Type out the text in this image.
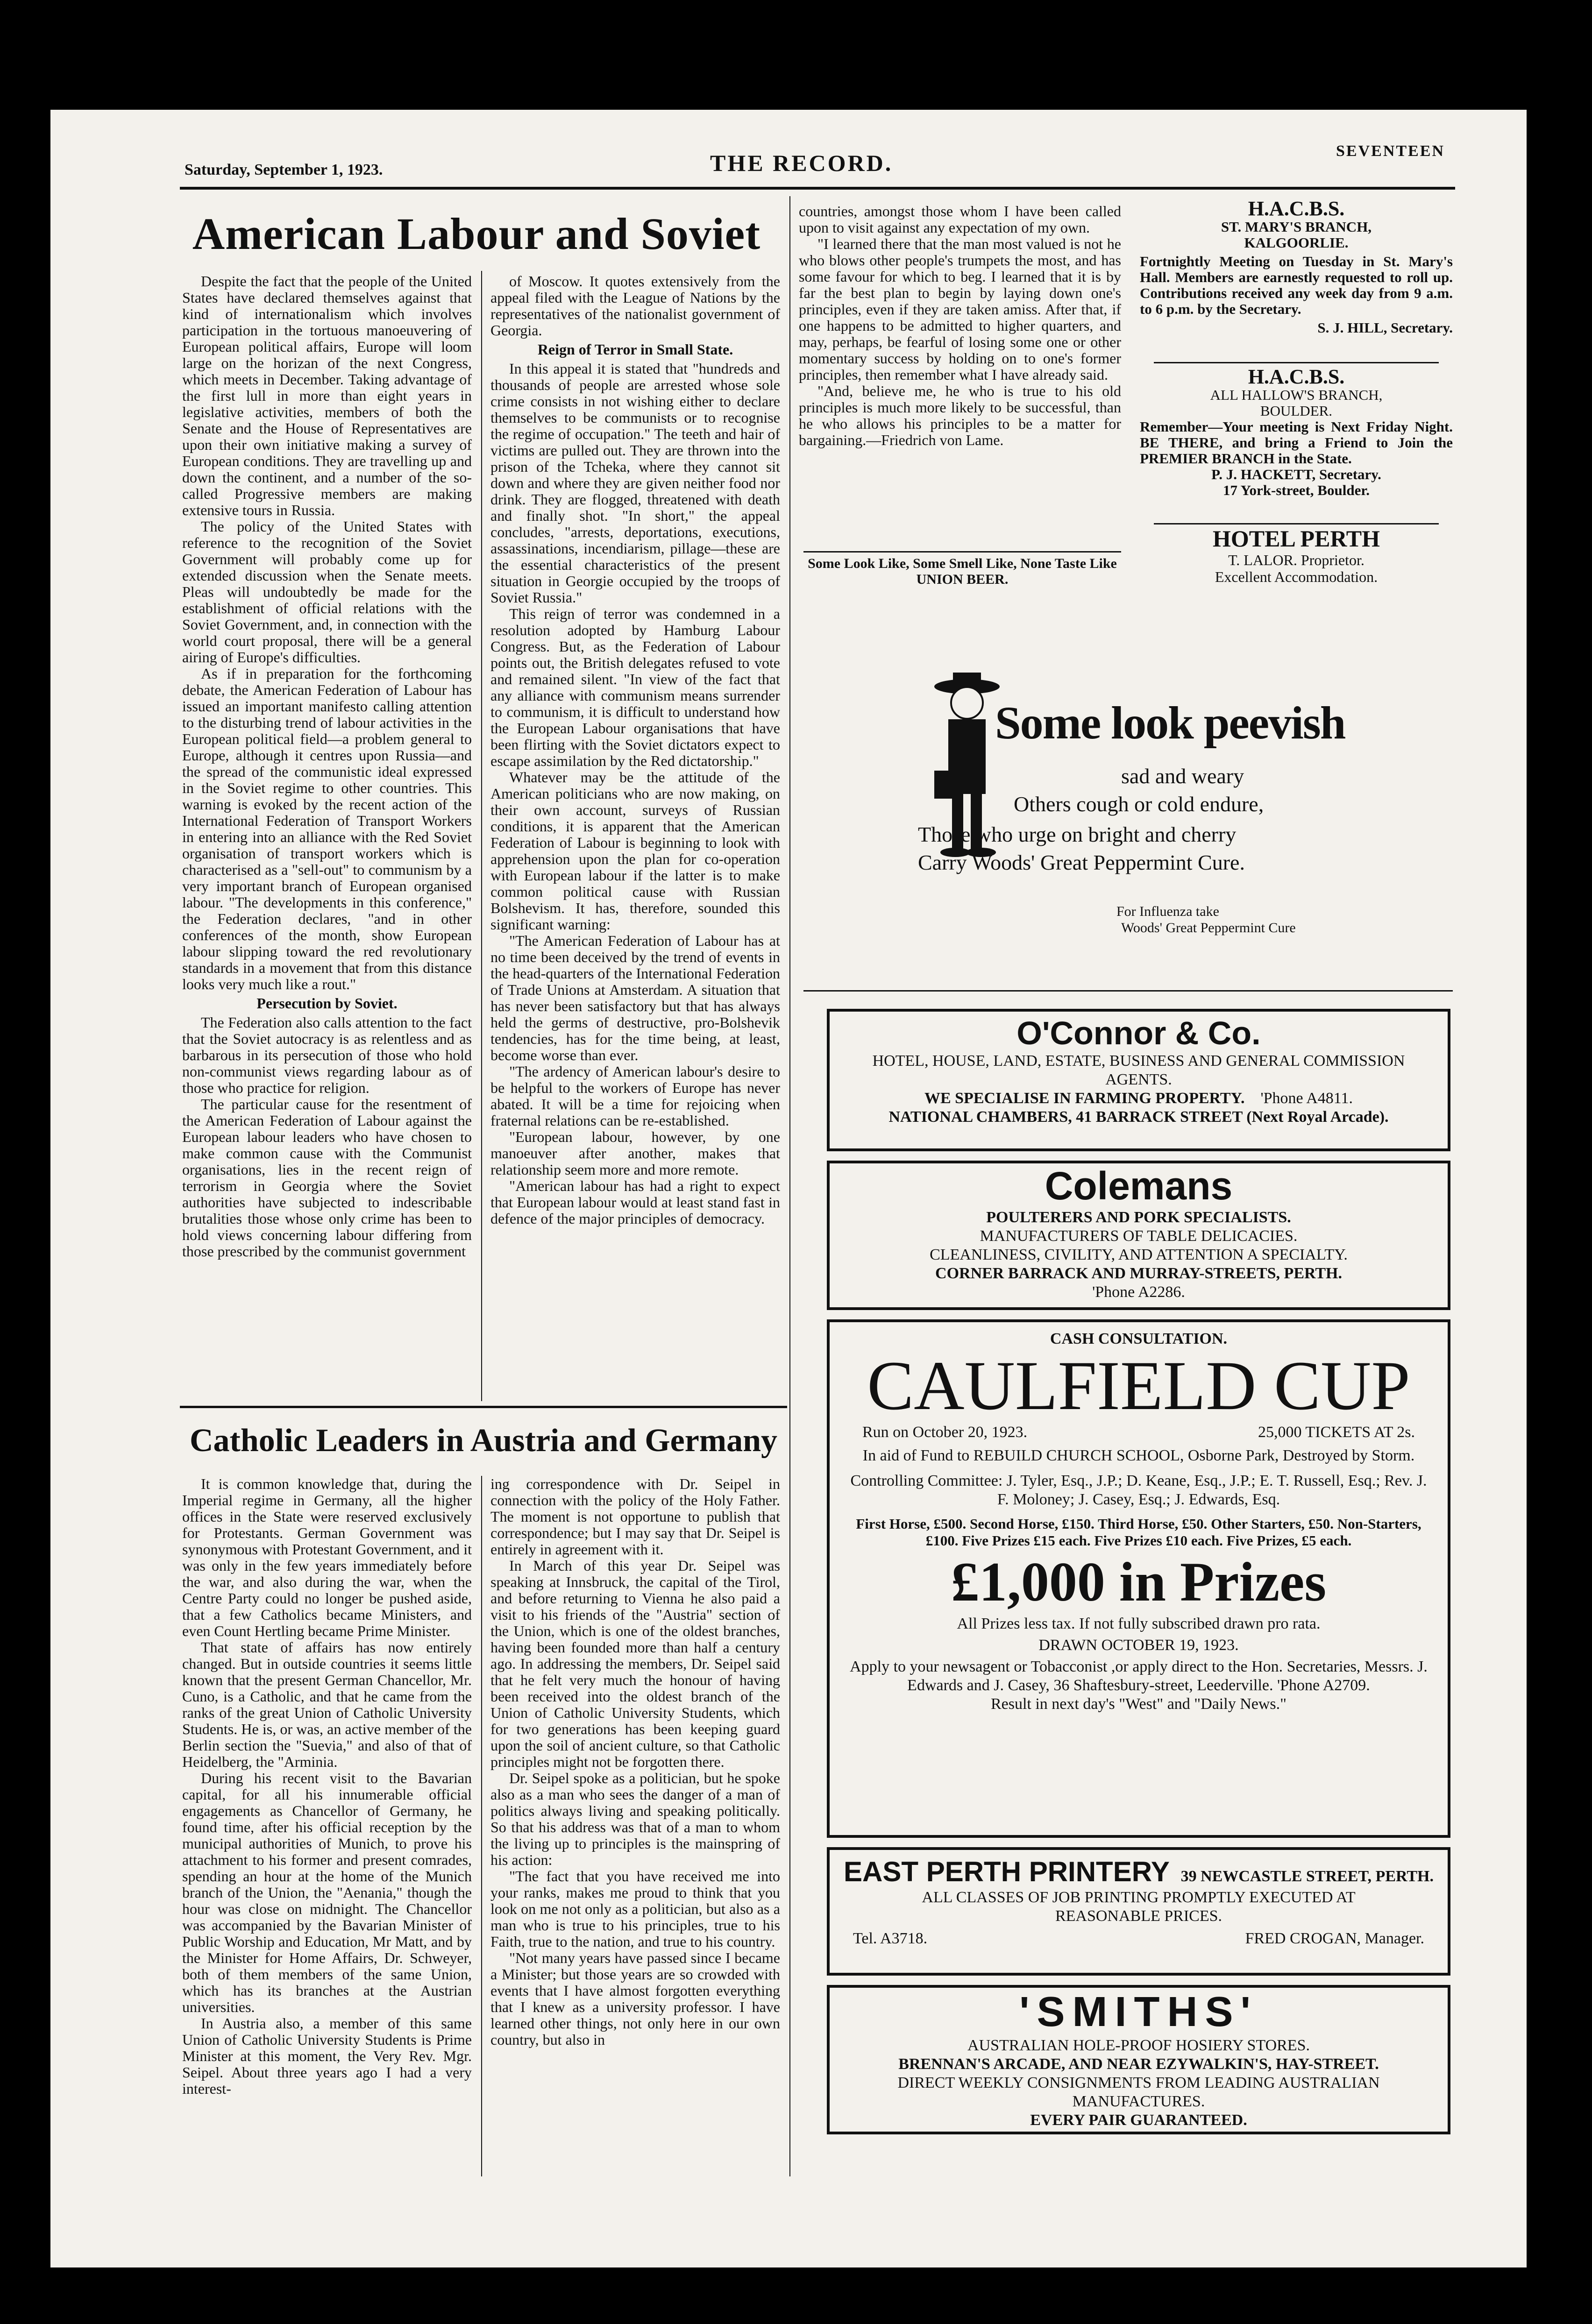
Saturday, September 1, 1923.	THE RECORD.	SEVENTEEN
American Labour and Soviet

Despite the fact that the people of the United States have declared themselves against that kind of internationalism which involves participation in the tortuous manoeuvering of European political affairs, Europe will loom large on the horizan of the next Congress, which meets in December. Taking advantage of the first lull in more than eight years in legislative activities, members of both the Senate and the House of Representatives are upon their own initiative making a survey of European conditions. They are travelling up and down the continent, and a number of the so-called Progressive members are making extensive tours in Russia.

The policy of the United States with reference to the recognition of the Soviet Government will probably come up for extended discussion when the Senate meets. Pleas will undoubtedly be made for the establishment of official relations with the Soviet Government, and, in connection with the world court proposal, there will be a general airing of Europe's difficulties.

As if in preparation for the forthcoming debate, the American Federation of Labour has issued an important manifesto calling attention to the disturbing trend of labour activities in the European political field—a problem general to Europe, although it centres upon Russia—and the spread of the communistic ideal expressed in the Soviet regime to other countries. This warning is evoked by the recent action of the International Federation of Transport Workers in entering into an alliance with the Red Soviet organisation of transport workers which is characterised as a "sell-out" to communism by a very important branch of European organised labour. "The developments in this conference," the Federation declares, "and in other conferences of the month, show European labour slipping toward the red revolutionary standards in a movement that from this distance looks very much like a rout."

Persecution by Soviet.

The Federation also calls attention to the fact that the Soviet autocracy is as relentless and as barbarous in its persecution of those who hold non-communist views regarding labour as of those who practice for religion.

The particular cause for the resentment of the American Federation of Labour against the European labour leaders who have chosen to make common cause with the Communist organisations, lies in the recent reign of terrorism in Georgia where the Soviet authorities have subjected to indescribable brutalities those whose only crime has been to hold views concerning labour differing from those prescribed by the communist government

of Moscow. It quotes extensively from the appeal filed with the League of Nations by the representatives of the nationalist government of Georgia.

Reign of Terror in Small State.

In this appeal it is stated that "hundreds and thousands of people are arrested whose sole crime consists in not wishing either to declare themselves to be communists or to recognise the regime of occupation." The teeth and hair of victims are pulled out. They are thrown into the prison of the Tcheka, where they cannot sit down and where they are given neither food nor drink. They are flogged, threatened with death and finally shot. "In short," the appeal concludes, "arrests, deportations, executions, assassinations, incendiarism, pillage—these are the essential characteristics of the present situation in Georgie occupied by the troops of Soviet Russia."

This reign of terror was condemned in a resolution adopted by Hamburg Labour Congress. But, as the Federation of Labour points out, the British delegates refused to vote and remained silent. "In view of the fact that any alliance with communism means surrender to communism, it is difficult to understand how the European Labour organisations that have been flirting with the Soviet dictators expect to escape assimilation by the Red dictatorship."

Whatever may be the attitude of the American politicians who are now making, on their own account, surveys of Russian conditions, it is apparent that the American Federation of Labour is beginning to look with apprehension upon the plan for co-operation with European labour if the latter is to make common political cause with Russian Bolshevism. It has, therefore, sounded this significant warning:

"The American Federation of Labour has at no time been deceived by the trend of events in the head-quarters of the International Federation of Trade Unions at Amsterdam. A situation that has never been satisfactory but that has always held the germs of destructive, pro-Bolshevik tendencies, has for the time being, at least, become worse than ever.

"The ardency of American labour's desire to be helpful to the workers of Europe has never abated. It will be a time for rejoicing when fraternal relations can be re-established.

"European labour, however, by one manoeuver after another, makes that relationship seem more and more remote.

"American labour has had a right to expect that European labour would at least stand fast in defence of the major principles of democracy.

countries, amongst those whom I have been called upon to visit against any expectation of my own.

"I learned there that the man most valued is not he who blows other people's trumpets the most, and has some favour for which to beg. I learned that it is by far the best plan to begin by laying down one's principles, even if they are taken amiss. After that, if one happens to be admitted to higher quarters, and may, perhaps, be fearful of losing some one or other momentary success by holding on to one's former principles, then remember what I have already said.

"And, believe me, he who is true to his old principles is much more likely to be successful, than he who allows his principles to be a matter for bargaining.—Friedrich von Lame.

Some Look Like, Some Smell Like, None Taste Like UNION BEER.
Catholic Leaders in Austria and Germany

It is common knowledge that, during the Imperial regime in Germany, all the higher offices in the State were reserved exclusively for Protestants. German Government was synonymous with Protestant Government, and it was only in the few years immediately before the war, and also during the war, when the Centre Party could no longer be pushed aside, that a few Catholics became Ministers, and even Count Hertling became Prime Minister.

That state of affairs has now entirely changed. But in outside countries it seems little known that the present German Chancellor, Mr. Cuno, is a Catholic, and that he came from the ranks of the great Union of Catholic University Students. He is, or was, an active member of the Berlin section the "Suevia," and also of that of Heidelberg, the "Arminia.

During his recent visit to the Bavarian capital, for all his innumerable official engagements as Chancellor of Germany, he found time, after his official reception by the municipal authorities of Munich, to prove his attachment to his former and present comrades, spending an hour at the home of the Munich branch of the Union, the "Aenania," though the hour was close on midnight. The Chancellor was accompanied by the Bavarian Minister of Public Worship and Education, Mr Matt, and by the Minister for Home Affairs, Dr. Schweyer, both of them members of the same Union, which has its branches at the Austrian universities.

In Austria also, a member of this same Union of Catholic University Students is Prime Minister at this moment, the Very Rev. Mgr. Seipel. About three years ago I had a very interest-

ing correspondence with Dr. Seipel in connection with the policy of the Holy Father. The moment is not opportune to publish that correspondence; but I may say that Dr. Seipel is entirely in agreement with it.

In March of this year Dr. Seipel was speaking at Innsbruck, the capital of the Tirol, and before returning to Vienna he also paid a visit to his friends of the "Austria" section of the Union, which is one of the oldest branches, having been founded more than half a century ago. In addressing the members, Dr. Seipel said that he felt very much the honour of having been received into the oldest branch of the Union of Catholic University Students, which for two generations has been keeping guard upon the soil of ancient culture, so that Catholic principles might not be forgotten there.

Dr. Seipel spoke as a politician, but he spoke also as a man who sees the danger of a man of politics always living and speaking politically. So that his address was that of a man to whom the living up to principles is the mainspring of his action:

"The fact that you have received me into your ranks, makes me proud to think that you look on me not only as a politician, but also as a man who is true to his principles, true to his Faith, true to the nation, and true to his country.

"Not many years have passed since I became a Minister; but those years are so crowded with events that I have almost forgotten everything that I knew as a university professor. I have learned other things, not only here in our own country, but also in

H.A.C.B.S.
ST. MARY'S BRANCH,
KALGOORLIE.
Fortnightly Meeting on Tuesday in St. Mary's Hall. Members are earnestly requested to roll up. Contributions received any week day from 9 a.m. to 6 p.m. by the Secretary.
S. J. HILL, Secretary.
H.A.C.B.S.
ALL HALLOW'S BRANCH,
BOULDER.
Remember—Your meeting is Next Friday Night. BE THERE, and bring a Friend to Join the PREMIER BRANCH in the State.
P. J. HACKETT, Secretary.
17 York-street, Boulder.
HOTEL PERTH
T. LALOR. Proprietor.
Excellent Accommodation.
Some look peevish
sad and weary
Others cough or cold endure,
Those who urge on bright and cherry
Carry Woods' Great Peppermint Cure.
For Influenza take
Woods' Great Peppermint Cure
O'Connor & Co.
HOTEL, HOUSE, LAND, ESTATE, BUSINESS AND GENERAL COMMISSION AGENTS.
WE SPECIALISE IN FARMING PROPERTY. 'Phone A4811.
NATIONAL CHAMBERS, 41 BARRACK STREET (Next Royal Arcade).
Colemans
POULTERERS AND PORK SPECIALISTS.
MANUFACTURERS OF TABLE DELICACIES.
CLEANLINESS, CIVILITY, AND ATTENTION A SPECIALTY.
CORNER BARRACK AND MURRAY-STREETS, PERTH.
'Phone A2286.
CASH CONSULTATION.
CAULFIELD CUP
Run on October 20, 1923.	25,000 TICKETS AT 2s.
In aid of Fund to REBUILD CHURCH SCHOOL, Osborne Park, Destroyed by Storm.
Controlling Committee: J. Tyler, Esq., J.P.; D. Keane, Esq., J.P.; E. T. Russell, Esq.; Rev. J. F. Moloney; J. Casey, Esq.; J. Edwards, Esq.
First Horse, £500. Second Horse, £150. Third Horse, £50. Other Starters, £50. Non-Starters, £100. Five Prizes £15 each. Five Prizes £10 each. Five Prizes, £5 each.
£1,000 in Prizes
All Prizes less tax. If not fully subscribed drawn pro rata.
DRAWN OCTOBER 19, 1923.
Apply to your newsagent or Tobacconist ,or apply direct to the Hon. Secretaries, Messrs. J. Edwards and J. Casey, 36 Shaftesbury-street, Leederville. 'Phone A2709.
Result in next day's "West" and "Daily News."
EAST PERTH PRINTERY 39 NEWCASTLE STREET, PERTH.
ALL CLASSES OF JOB PRINTING PROMPTLY EXECUTED AT REASONABLE PRICES.
Tel. A3718.	FRED CROGAN, Manager.
'SMITHS'
AUSTRALIAN HOLE-PROOF HOSIERY STORES.
BRENNAN'S ARCADE, AND NEAR EZYWALKIN'S, HAY-STREET.
DIRECT WEEKLY CONSIGNMENTS FROM LEADING AUSTRALIAN MANUFACTURES.
EVERY PAIR GUARANTEED.
